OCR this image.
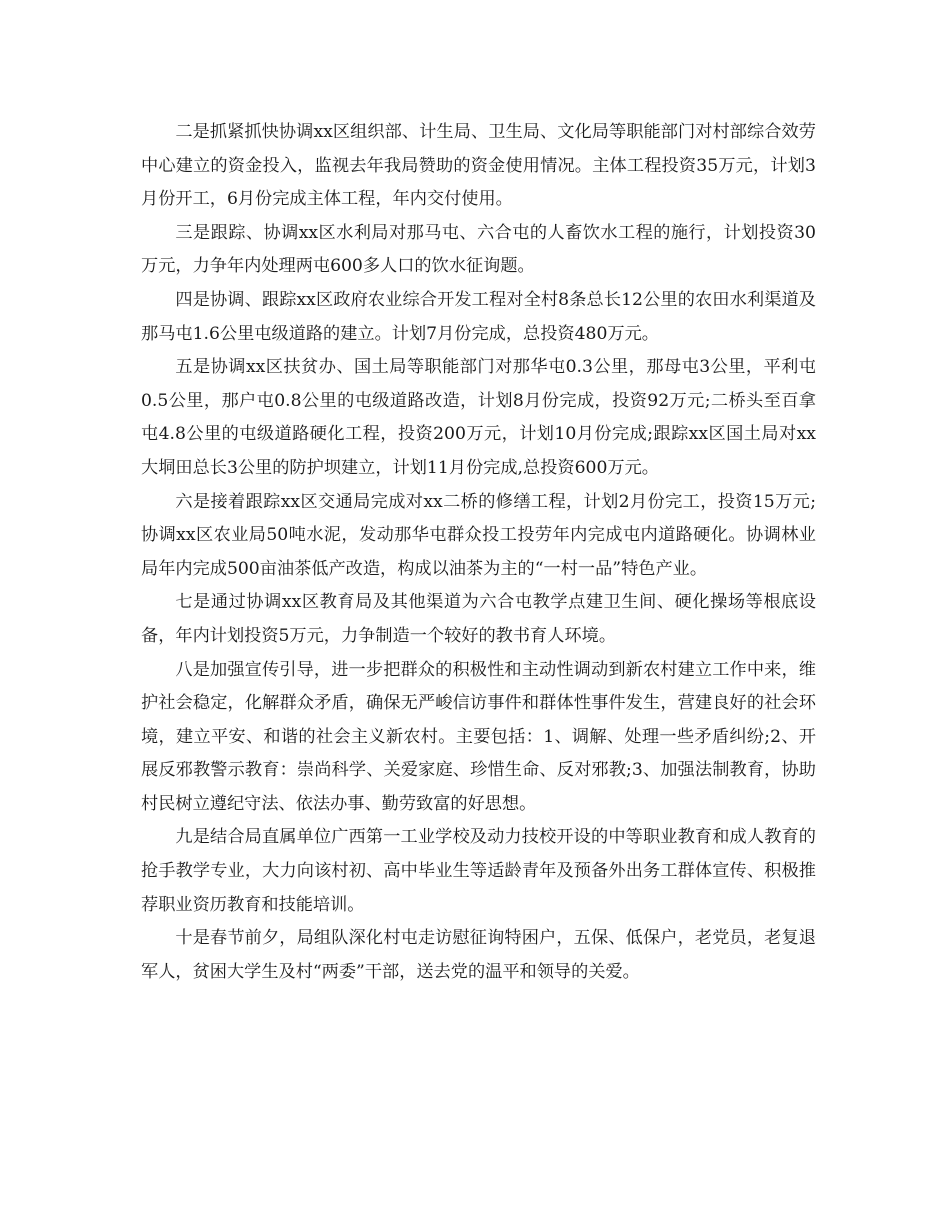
二是抓紧抓快协调xx区组织部、计生局、卫生局、文化局等职能部门对村部综合效劳中心建立的资金投入，监视去年我局赞助的资金使用情况。主体工程投资35万元，计划3月份开工，6月份完成主体工程，年内交付使用。

三是跟踪、协调xx区水利局对那马屯、六合屯的人畜饮水工程的施行，计划投资30万元，力争年内处理两屯600多人口的饮水征询题。

四是协调、跟踪xx区政府农业综合开发工程对全村8条总长12公里的农田水利渠道及那马屯1.6公里屯级道路的建立。计划7月份完成，总投资480万元。

五是协调xx区扶贫办、国土局等职能部门对那华屯0.3公里，那母屯3公里，平利屯0.5公里，那户屯0.8公里的屯级道路改造，计划8月份完成，投资92万元;二桥头至百拿屯4.8公里的屯级道路硬化工程，投资200万元，计划10月份完成;跟踪xx区国土局对xx大垌田总长3公里的防护坝建立，计划11月份完成,总投资600万元。

六是接着跟踪xx区交通局完成对xx二桥的修缮工程，计划2月份完工，投资15万元;协调xx区农业局50吨水泥，发动那华屯群众投工投劳年内完成屯内道路硬化。协调林业局年内完成500亩油茶低产改造，构成以油茶为主的“一村一品”特色产业。

七是通过协调xx区教育局及其他渠道为六合屯教学点建卫生间、硬化操场等根底设备，年内计划投资5万元，力争制造一个较好的教书育人环境。

八是加强宣传引导，进一步把群众的积极性和主动性调动到新农村建立工作中来，维护社会稳定，化解群众矛盾，确保无严峻信访事件和群体性事件发生，营建良好的社会环境，建立平安、和谐的社会主义新农村。主要包括：1、调解、处理一些矛盾纠纷;2、开展反邪教警示教育：崇尚科学、关爱家庭、珍惜生命、反对邪教;3、加强法制教育，协助村民树立遵纪守法、依法办事、勤劳致富的好思想。

九是结合局直属单位广西第一工业学校及动力技校开设的中等职业教育和成人教育的抢手教学专业，大力向该村初、高中毕业生等适龄青年及预备外出务工群体宣传、积极推荐职业资历教育和技能培训。

十是春节前夕，局组队深化村屯走访慰征询特困户，五保、低保户，老党员，老复退军人，贫困大学生及村“两委”干部，送去党的温平和领导的关爱。
